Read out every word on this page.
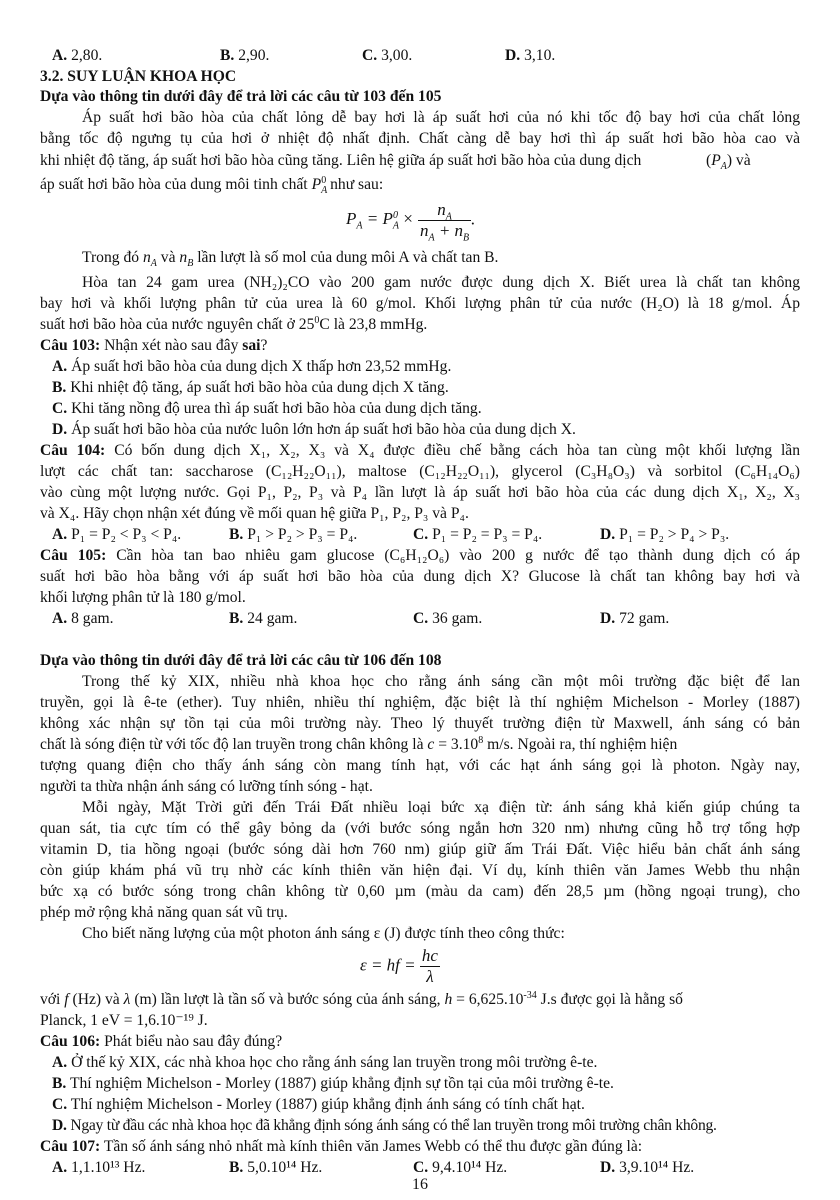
A. 2,80.	B. 2,90.	C. 3,00.	D. 3,10.
3.2. SUY LUẬN KHOA HỌC
Dựa vào thông tin dưới đây để trả lời các câu từ 103 đến 105
Áp suất hơi bão hòa của chất lỏng dễ bay hơi là áp suất hơi của nó khi tốc độ bay hơi của chất lỏng
bằng tốc độ ngưng tụ của hơi ở nhiệt độ nhất định. Chất càng dễ bay hơi thì áp suất hơi bão hòa cao và
khi nhiệt độ tăng, áp suất hơi bão hòa cũng tăng. Liên hệ giữa áp suất hơi bão hòa của dung dịch	$(P_A)$ và
áp suất hơi bão hòa của dung môi tinh chất $P_A^0$ như sau:
$P_A = P_A^0 \times \frac{n_A}{n_A + n_B}$ .
Trong đó $n_A$ và $n_B$ lần lượt là số mol của dung môi A và chất tan B.
Hòa tan 24 gam urea (NH₂)₂CO vào 200 gam nước được dung dịch X. Biết urea là chất tan không
bay hơi và khối lượng phân tử của urea là 60 g/mol. Khối lượng phân tử của nước (H₂O) là 18 g/mol. Áp
suất hơi bão hòa của nước nguyên chất ở $25^0C$ là 23,8 mmHg.
Câu 103: Nhận xét nào sau đây sai?
A. Áp suất hơi bão hòa của dung dịch X thấp hơn 23,52 mmHg.
B. Khi nhiệt độ tăng, áp suất hơi bão hòa của dung dịch X tăng.
C. Khi tăng nồng độ urea thì áp suất hơi bão hòa của dung dịch tăng.
D. Áp suất hơi bão hòa của nước luôn lớn hơn áp suất hơi bão hòa của dung dịch X.
Câu 104: Có bốn dung dịch X₁, X₂, X₃ và X₄ được điều chế bằng cách hòa tan cùng một khối lượng lần
lượt các chất tan: saccharose (C₁₂H₂₂O₁₁), maltose (C₁₂H₂₂O₁₁), glycerol (C₃H₈O₃) và sorbitol (C₆H₁₄O₆)
vào cùng một lượng nước. Gọi P₁, P₂, P₃ và P₄ lần lượt là áp suất hơi bão hòa của các dung dịch X₁, X₂, X₃
và X₄. Hãy chọn nhận xét đúng về mối quan hệ giữa P₁, P₂, P₃ và P₄.
A. P₁ = P₂ < P₃ < P₄.	B. P₁ > P₂ > P₃ = P₄.	C. P₁ = P₂ = P₃ = P₄.	D. P₁ = P₂ > P₄ > P₃.
Câu 105: Cần hòa tan bao nhiêu gam glucose (C₆H₁₂O₆) vào 200 g nước để tạo thành dung dịch có áp
suất hơi bão hòa bằng với áp suất hơi bão hòa của dung dịch X? Glucose là chất tan không bay hơi và
khối lượng phân tử là 180 g/mol.
A. 8 gam.	B. 24 gam.	C. 36 gam.	D. 72 gam.
Dựa vào thông tin dưới đây để trả lời các câu từ 106 đến 108
Trong thế kỷ XIX, nhiều nhà khoa học cho rằng ánh sáng cần một môi trường đặc biệt để lan
truyền, gọi là ê-te (ether). Tuy nhiên, nhiều thí nghiệm, đặc biệt là thí nghiệm Michelson - Morley (1887)
không xác nhận sự tồn tại của môi trường này. Theo lý thuyết trường điện từ Maxwell, ánh sáng có bản
chất là sóng điện từ với tốc độ lan truyền trong chân không là $c = 3.10^8$ m/s. Ngoài ra, thí nghiệm hiện
tượng quang điện cho thấy ánh sáng còn mang tính hạt, với các hạt ánh sáng gọi là photon. Ngày nay,
người ta thừa nhận ánh sáng có lưỡng tính sóng - hạt.
Mỗi ngày, Mặt Trời gửi đến Trái Đất nhiều loại bức xạ điện từ: ánh sáng khả kiến giúp chúng ta
quan sát, tia cực tím có thể gây bỏng da (với bước sóng ngắn hơn 320 nm) nhưng cũng hỗ trợ tổng hợp
vitamin D, tia hồng ngoại (bước sóng dài hơn 760 nm) giúp giữ ấm Trái Đất. Việc hiểu bản chất ánh sáng
còn giúp khám phá vũ trụ nhờ các kính thiên văn hiện đại. Ví dụ, kính thiên văn James Webb thu nhận
bức xạ có bước sóng trong chân không từ 0,60 µm (màu da cam) đến 28,5 µm (hồng ngoại trung), cho
phép mở rộng khả năng quan sát vũ trụ.
Cho biết năng lượng của một photon ánh sáng ε (J) được tính theo công thức:
ε = hf = $\frac{hc}{\lambda}$
với f (Hz) và λ (m) lần lượt là tần số và bước sóng của ánh sáng, $h = 6,625.10^{-34}$ J.s được gọi là hằng số
Planck, 1 eV = 1,6.10⁻¹⁹ J.
Câu 106: Phát biểu nào sau đây đúng?
A. Ở thế kỷ XIX, các nhà khoa học cho rằng ánh sáng lan truyền trong môi trường ê-te.
B. Thí nghiệm Michelson - Morley (1887) giúp khẳng định sự tồn tại của môi trường ê-te.
C. Thí nghiệm Michelson - Morley (1887) giúp khẳng định ánh sáng có tính chất hạt.
D. Ngay từ đầu các nhà khoa học đã khẳng định sóng ánh sáng có thể lan truyền trong môi trường chân không.
Câu 107: Tần số ánh sáng nhỏ nhất mà kính thiên văn James Webb có thể thu được gần đúng là:
A. 1,1.10¹³ Hz.	B. 5,0.10¹⁴ Hz.	C. 9,4.10¹⁴ Hz.	D. 3,9.10¹⁴ Hz.
16
